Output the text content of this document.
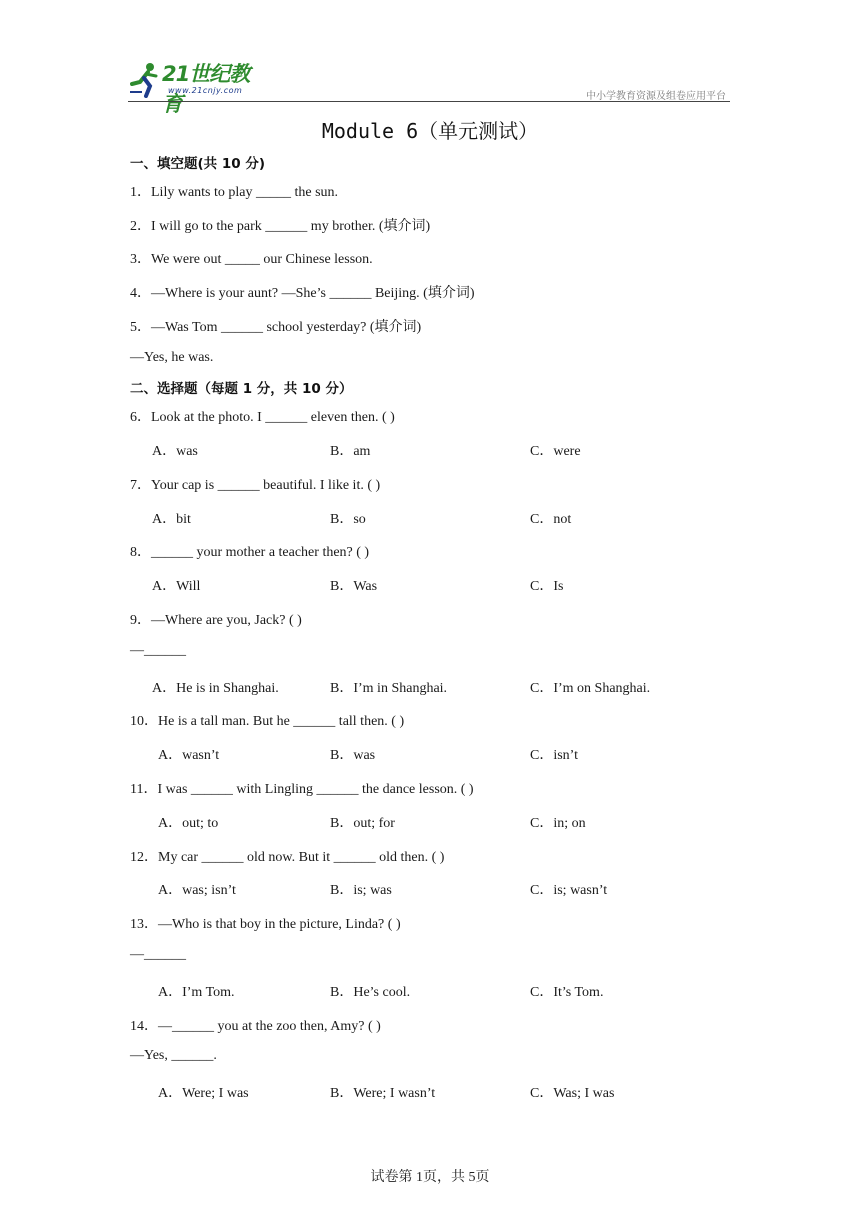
21世纪教育
www.21cnjy.com
中小学教育资源及组卷应用平台
Module 6（单元测试）
一、填空题(共 10 分)
1．Lily wants to play _____ the sun.
2．I will go to the park ______ my brother. (填介词)
3．We were out _____ our Chinese lesson.
4．—Where is your aunt? —She’s ______ Beijing. (填介词)
5．—Was Tom ______ school yesterday? (填介词)
—Yes, he was.
二、选择题（每题 1 分，共 10 分）
6．Look at the photo. I ______ eleven then. ( )
A．was	B．am	C．were
7．Your cap is ______ beautiful. I like it. ( )
A．bit	B．so	C．not
8．______ your mother a teacher then? ( )
A．Will	B．Was	C．Is
9．—Where are you, Jack? ( )
—______
A．He is in Shanghai.	B．I’m in Shanghai.	C．I’m on Shanghai.
10．He is a tall man. But he ______ tall then. ( )
A．wasn’t	B．was	C．isn’t
11．I was ______ with Lingling ______ the dance lesson. ( )
A．out; to	B．out; for	C．in; on
12．My car ______ old now. But it ______ old then. ( )
A．was; isn’t	B．is; was	C．is; wasn’t
13．—Who is that boy in the picture, Linda? ( )
—______
A．I’m Tom.	B．He’s cool.	C．It’s Tom.
14．—______ you at the zoo then, Amy? ( )
—Yes, ______.
A．Were; I was	B．Were; I wasn’t	C．Was; I was
试卷第 1页，共 5页
